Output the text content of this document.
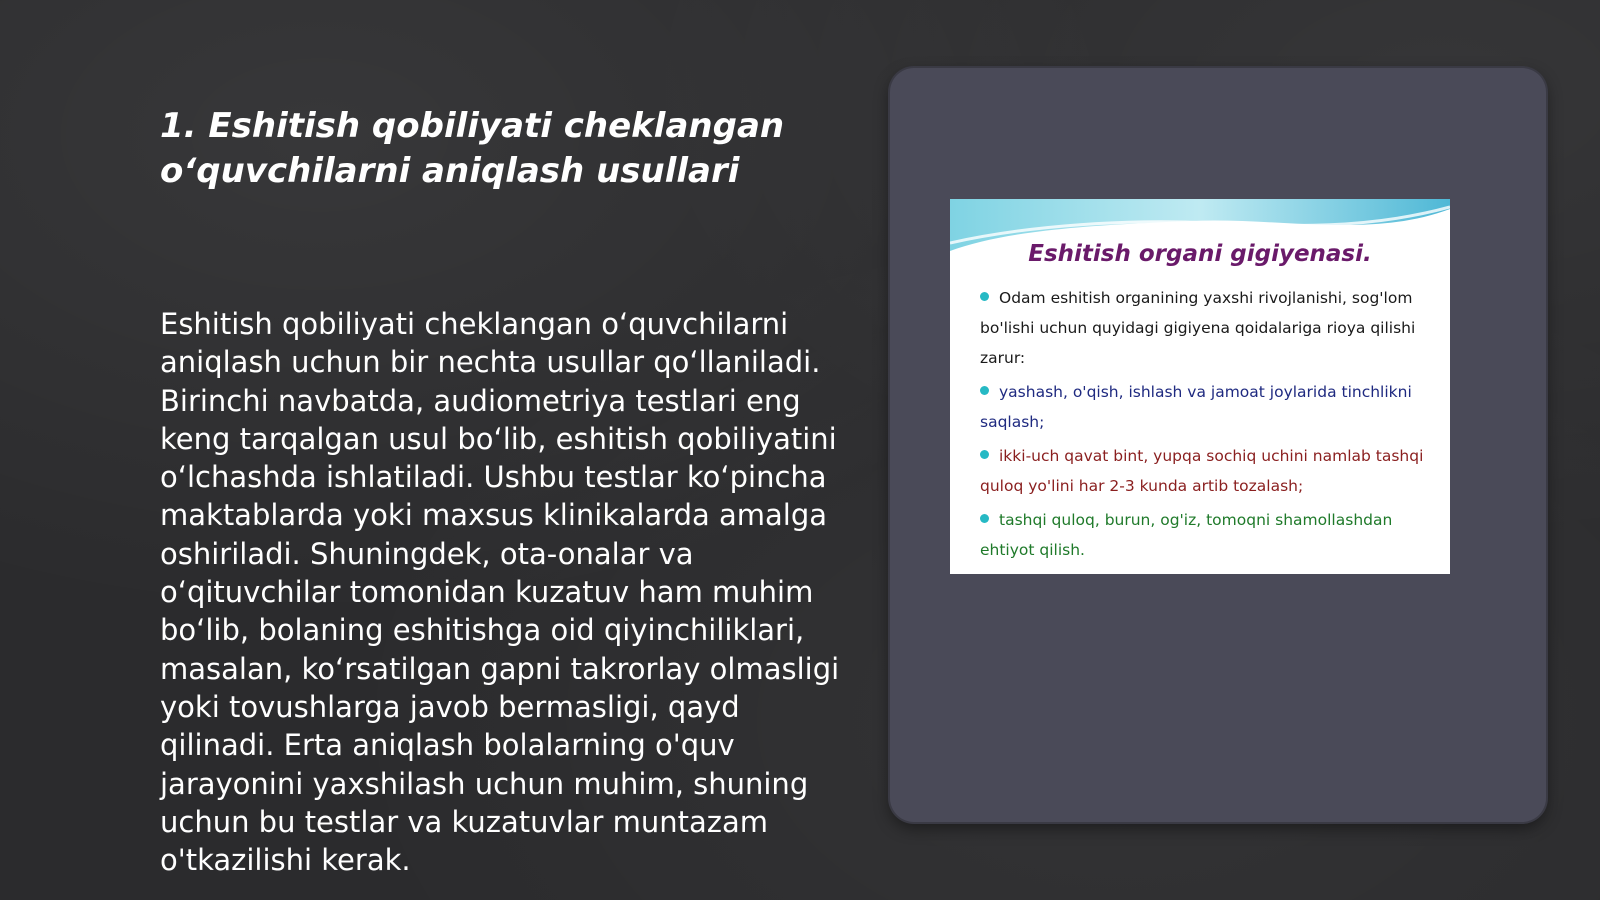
1. Eshitish qobiliyati cheklangan o‘quvchilarni aniqlash usullari

Eshitish qobiliyati cheklangan o‘quvchilarni aniqlash uchun bir nechta usullar qo‘llaniladi. Birinchi navbatda, audiometriya testlari eng keng tarqalgan usul bo‘lib, eshitish qobiliyatini o‘lchashda ishlatiladi. Ushbu testlar ko‘pincha maktablarda yoki maxsus klinikalarda amalga oshiriladi. Shuningdek, ota-onalar va o‘qituvchilar tomonidan kuzatuv ham muhim bo‘lib, bolaning eshitishga oid qiyinchiliklari, masalan, ko‘rsatilgan gapni takrorlay olmasligi yoki tovushlarga javob bermasligi, qayd qilinadi. Erta aniqlash bolalarning o'quv jarayonini yaxshilash uchun muhim, shuning uchun bu testlar va kuzatuvlar muntazam o'tkazilishi kerak.

Eshitish organi gigiyenasi.
Odam eshitish organining yaxshi rivojlanishi, sog'lom bo'lishi uchun quyidagi gigiyena qoidalariga rioya qilishi zarur:
yashash, o'qish, ishlash va jamoat joylarida tinchlikni saqlash;
ikki-uch qavat bint, yupqa sochiq uchini namlab tashqi quloq yo'lini har 2-3 kunda artib tozalash;
tashqi quloq, burun, og'iz, tomoqni shamollashdan ehtiyot qilish.
